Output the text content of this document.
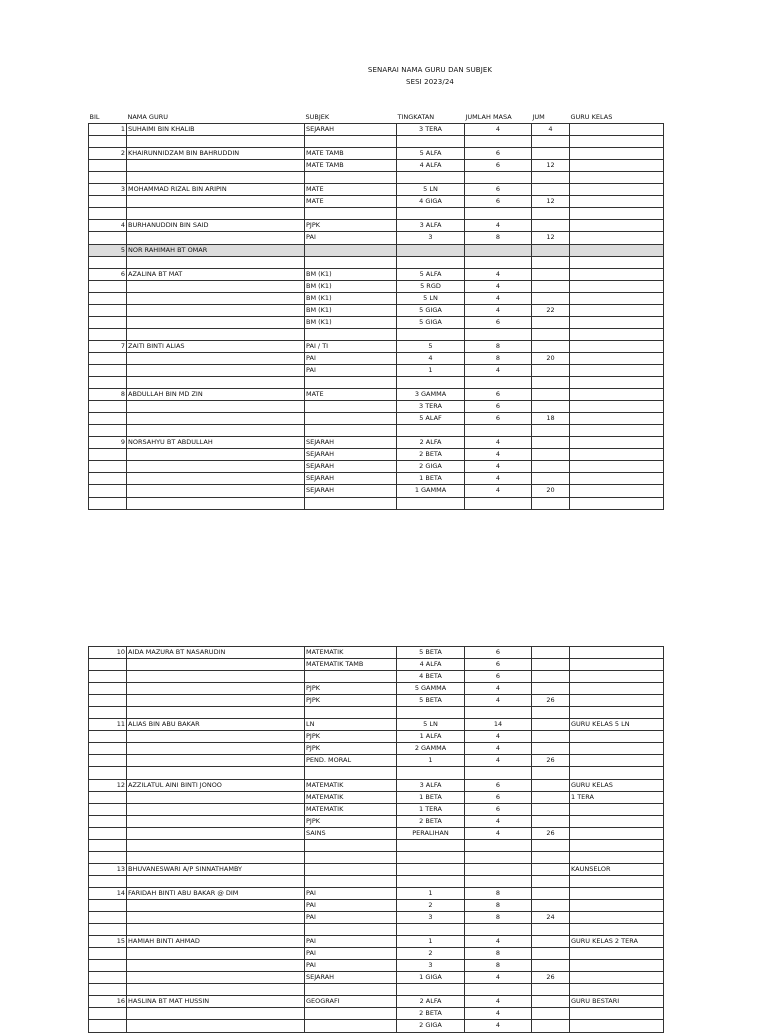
SENARAI NAMA GURU DAN SUBJEK
SESI 2023/24
BIL	NAMA GURU	SUBJEK	TINGKATAN	JUMLAH MASA	JUM	GURU KELAS
1	SUHAIMI BIN KHALIB	SEJARAH	3 TERA	4	4	

2	KHAIRUNNIDZAM BIN BAHRUDDIN	MATE TAMB	5 ALFA	6		
		MATE TAMB	4 ALFA	6	12	

3	MOHAMMAD RIZAL BIN ARIPIN	MATE	5 LN	6		
		MATE	4 GIGA	6	12	

4	BURHANUDDIN BIN SAID	PJPK	3 ALFA	4		
		PAI	3	8	12	
5	NOR RAHIMAH BT OMAR					

6	AZALINA BT MAT	BM (K1)	5 ALFA	4		
		BM (K1)	5 RGD	4		
		BM (K1)	5 LN	4		
		BM (K1)	5 GIGA	4	22	
		BM (K1)	5 GIGA	6		

7	ZAITI BINTI ALIAS	PAI / TI	5	8		
		PAI	4	8	20	
		PAI	1	4		

8	ABDULLAH BIN MD ZIN	MATE	3 GAMMA	6		
			3 TERA	6		
			5 ALAF	6	18	

9	NORSAHYU BT ABDULLAH	SEJARAH	2 ALFA	4		
		SEJARAH	2 BETA	4		
		SEJARAH	2 GIGA	4		
		SEJARAH	1 BETA	4		
		SEJARAH	1 GAMMA	4	20	

10	AIDA MAZURA BT NASARUDIN	MATEMATIK	5 BETA	6		
		MATEMATIK TAMB	4 ALFA	6		
			4 BETA	6		
		PJPK	5 GAMMA	4		
		PJPK	5 BETA	4	26	

11	ALIAS BIN ABU BAKAR	LN	5 LN	14		GURU KELAS 5 LN
		PJPK	1 ALFA	4		
		PJPK	2 GAMMA	4		
		PEND. MORAL	1	4	26	

12	AZZILATUL AINI BINTI JONOO	MATEMATIK	3 ALFA	6		GURU KELAS
		MATEMATIK	1 BETA	6		1 TERA
		MATEMATIK	1 TERA	6		
		PJPK	2 BETA	4		
		SAINS	PERALIHAN	4	26	

13	BHUVANESWARI A/P SINNATHAMBY					KAUNSELOR

14	FARIDAH BINTI ABU BAKAR @ DIM	PAI	1	8		
		PAI	2	8		
		PAI	3	8	24	

15	HAMIAH BINTI AHMAD	PAI	1	4		GURU KELAS 2 TERA
		PAI	2	8		
		PAI	3	8		
		SEJARAH	1 GIGA	4	26	

16	HASLINA BT MAT HUSSIN	GEOGRAFI	2 ALFA	4		GURU BESTARI
			2 BETA	4		
			2 GIGA	4		
